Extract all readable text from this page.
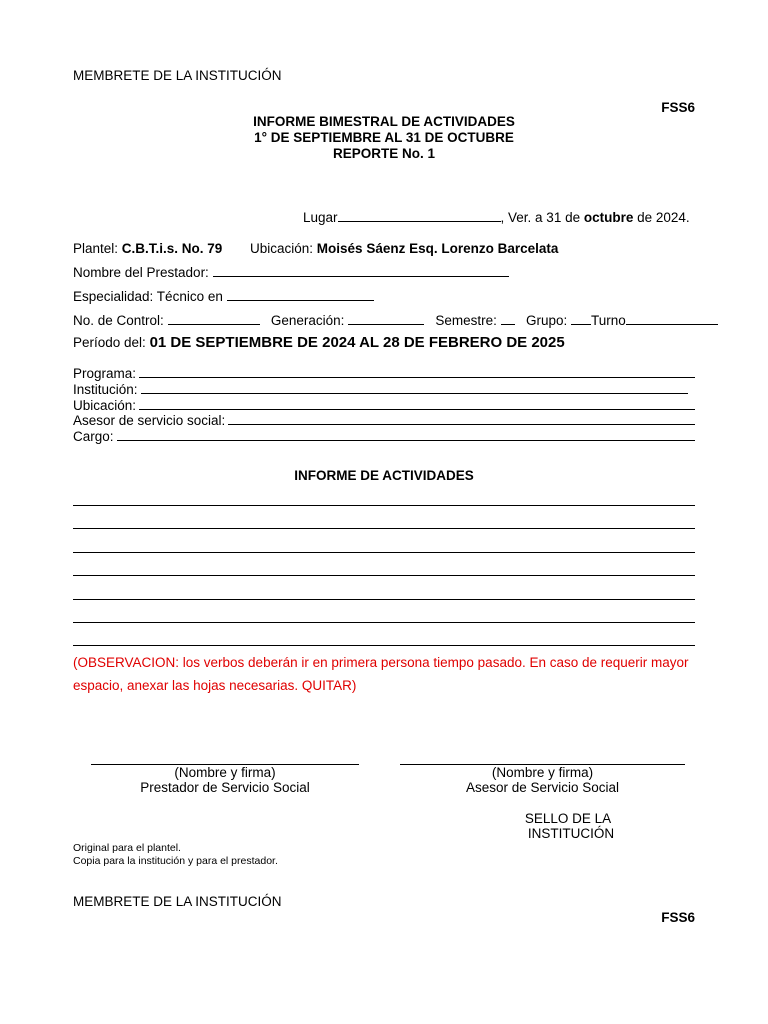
MEMBRETE DE LA INSTITUCIÓN
FSS6
INFORME BIMESTRAL DE ACTIVIDADES
1° DE SEPTIEMBRE AL 31 DE OCTUBRE
REPORTE No. 1
Lugar	, Ver. a 31 de octubre de 2024.
Plantel: C.B.T.i.s. No. 79 Ubicación: Moisés Sáenz Esq. Lorenzo Barcelata
Nombre del Prestador:
Especialidad: Técnico en
No. de Control:	Generación:	Semestre: Grupo: Turno
Período del: 01 DE SEPTIEMBRE DE 2024 AL 28 DE FEBRERO DE 2025
Programa:
Institución:
Ubicación:
Asesor de servicio social:
Cargo:
INFORME DE ACTIVIDADES
(OBSERVACION: los verbos deberán ir en primera persona tiempo pasado. En caso de requerir mayor
espacio, anexar las hojas necesarias. QUITAR)
(Nombre y firma)
Prestador de Servicio Social
(Nombre y firma)
Asesor de Servicio Social
SELLO DE LA
INSTITUCIÓN
Original para el plantel.
Copia para la institución y para el prestador.
MEMBRETE DE LA INSTITUCIÓN
FSS6
